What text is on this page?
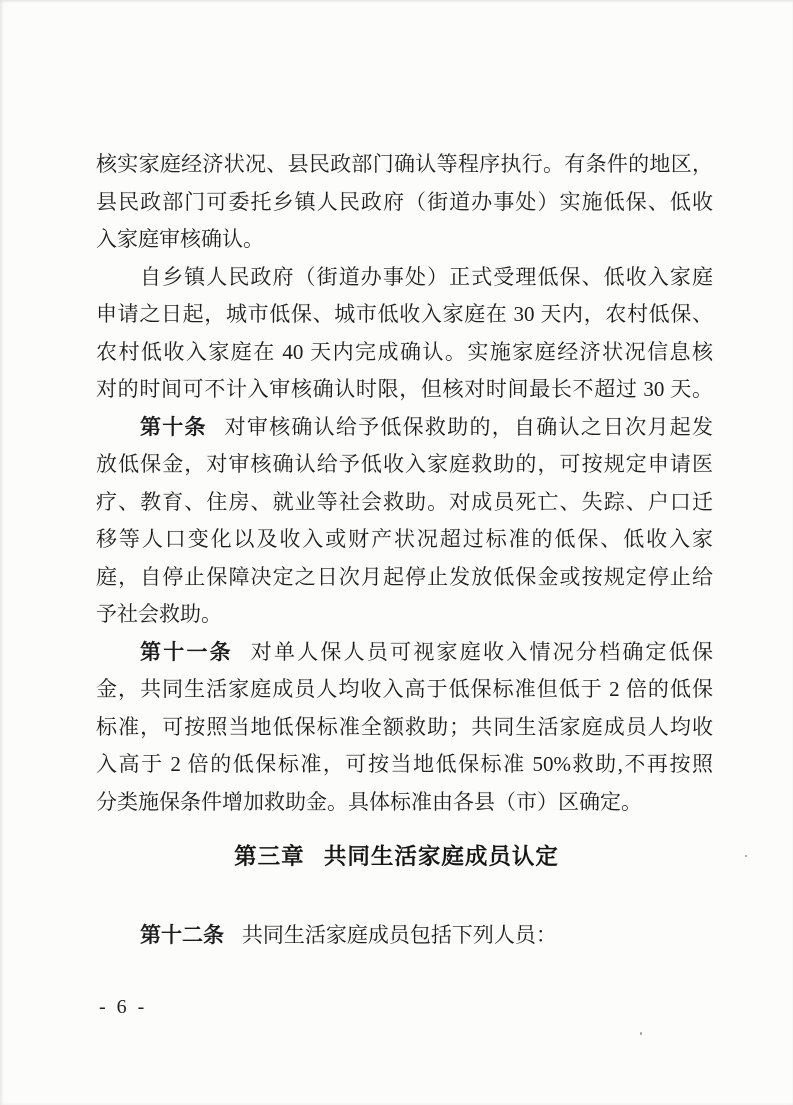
核实家庭经济状况、县民政部门确认等程序执行。有条件的地区，
县民政部门可委托乡镇人民政府（街道办事处）实施低保、低收
入家庭审核确认。
自乡镇人民政府（街道办事处）正式受理低保、低收入家庭
申请之日起，城市低保、城市低收入家庭在 30 天内，农村低保、
农村低收入家庭在 40 天内完成确认。实施家庭经济状况信息核
对的时间可不计入审核确认时限，但核对时间最长不超过 30 天。
第十条 对审核确认给予低保救助的，自确认之日次月起发
放低保金，对审核确认给予低收入家庭救助的，可按规定申请医
疗、教育、住房、就业等社会救助。对成员死亡、失踪、户口迁
移等人口变化以及收入或财产状况超过标准的低保、低收入家
庭，自停止保障决定之日次月起停止发放低保金或按规定停止给
予社会救助。
第十一条 对单人保人员可视家庭收入情况分档确定低保
金，共同生活家庭成员人均收入高于低保标准但低于 2 倍的低保
标准，可按照当地低保标准全额救助；共同生活家庭成员人均收
入高于 2 倍的低保标准，可按当地低保标准 50%救助,不再按照
分类施保条件增加救助金。具体标准由各县（市）区确定。
第三章 共同生活家庭成员认定
第十二条 共同生活家庭成员包括下列人员：
- 6 -
